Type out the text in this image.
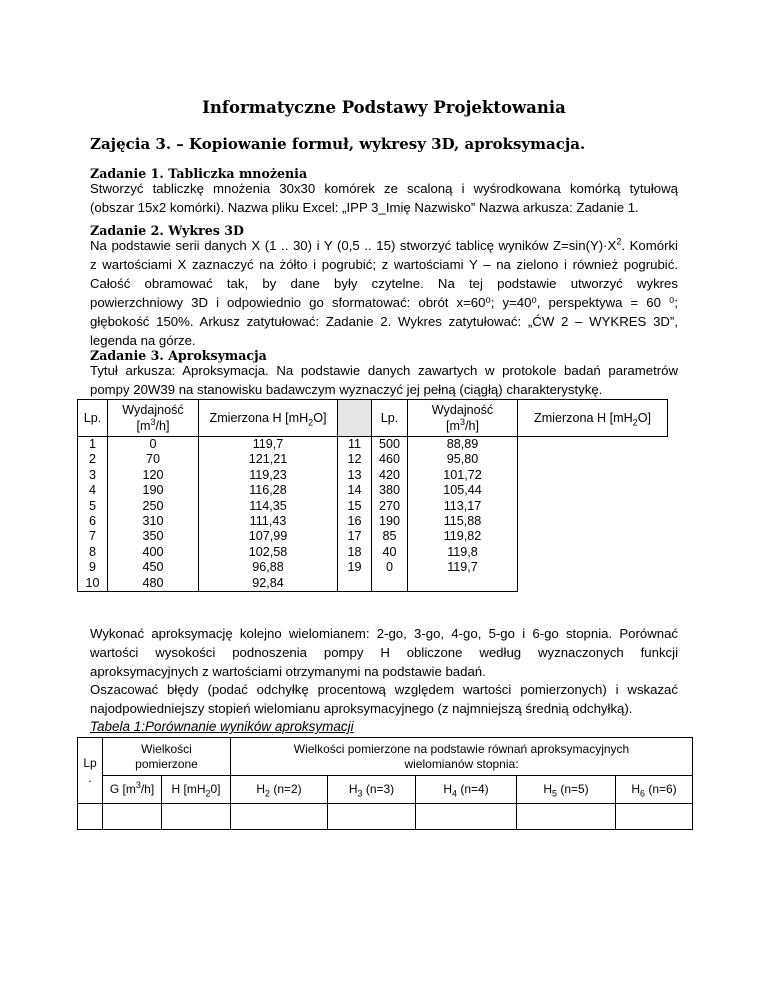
Informatyczne Podstawy Projektowania
Zajęcia 3. – Kopiowanie formuł, wykresy 3D, aproksymacja.
Zadanie 1. Tabliczka mnożenia

Stworzyć tabliczkę mnożenia 30x30 komórek ze scaloną i wyśrodkowana komórką tytułową

(obszar 15x2 komórki). Nazwa pliku Excel: „IPP 3_Imię Nazwisko” Nazwa arkusza: Zadanie 1.

Zadanie 2. Wykres 3D

Na podstawie serii danych X (1 .. 30) i Y (0,5 .. 15) stworzyć tablicę wyników $Z=\sin(Y)\cdot X^2$. Komórki

z wartościami X zaznaczyć na żółto i pogrubić; z wartościami Y – na zielono i również pogrubić.

Całość obramować tak, by dane były czytelne. Na tej podstawie utworzyć wykres

powierzchniowy 3D i odpowiednio go sformatować: obrót x=60⁰; y=40⁰, perspektywa = 60 ⁰;

głębokość 150%. Arkusz zatytułować: Zadanie 2. Wykres zatytułować: „ĆW 2 – WYKRES 3D”,

legenda na górze.

Zadanie 3. Aproksymacja

Tytuł arkusza: Aproksymacja. Na podstawie danych zawartych w protokole badań parametrów

pompy 20W39 na stanowisku badawczym wyznaczyć jej pełną (ciągłą) charakterystykę.

Lp.	Wydajność
$[m^3/h]$	Zmierzona H $[mH_2O]$		Lp.	Wydajność
$[m^3/h]$	Zmierzona H $[mH_2O]$
1	0	119,7	11	500	88,89	
2	70	121,21	12	460	95,80	
3	120	119,23	13	420	101,72	
4	190	116,28	14	380	105,44	
5	250	114,35	15	270	113,17	
6	310	111,43	16	190	115,88	
7	350	107,99	17	85	119,82	
8	400	102,58	18	40	119,8	
9	450	96,88	19	0	119,7	
10	480	92,84				

Wykonać aproksymację kolejno wielomianem: 2-go, 3-go, 4-go, 5-go i 6-go stopnia. Porównać

wartości wysokości podnoszenia pompy H obliczone według wyznaczonych funkcji

aproksymacyjnych z wartościami otrzymanymi na podstawie badań.

Oszacować błędy (podać odchyłkę procentową względem wartości pomierzonych) i wskazać

najodpowiedniejszy stopień wielomianu aproksymacyjnego (z najmniejszą średnią odchyłką).

Tabela 1:Porównanie wyników aproksymacji
Lp
.	Wielkości
pomierzone		Wielkości pomierzone na podstawie równań aproksymacyjnych
wielomianów stopnia:				
	G $[m^3/h]$	H $[mH_20]$	$H_2$ (n=2)	$H_3$ (n=3)	$H_4$ (n=4)	$H_5$ (n=5)	$H_6$ (n=6)
